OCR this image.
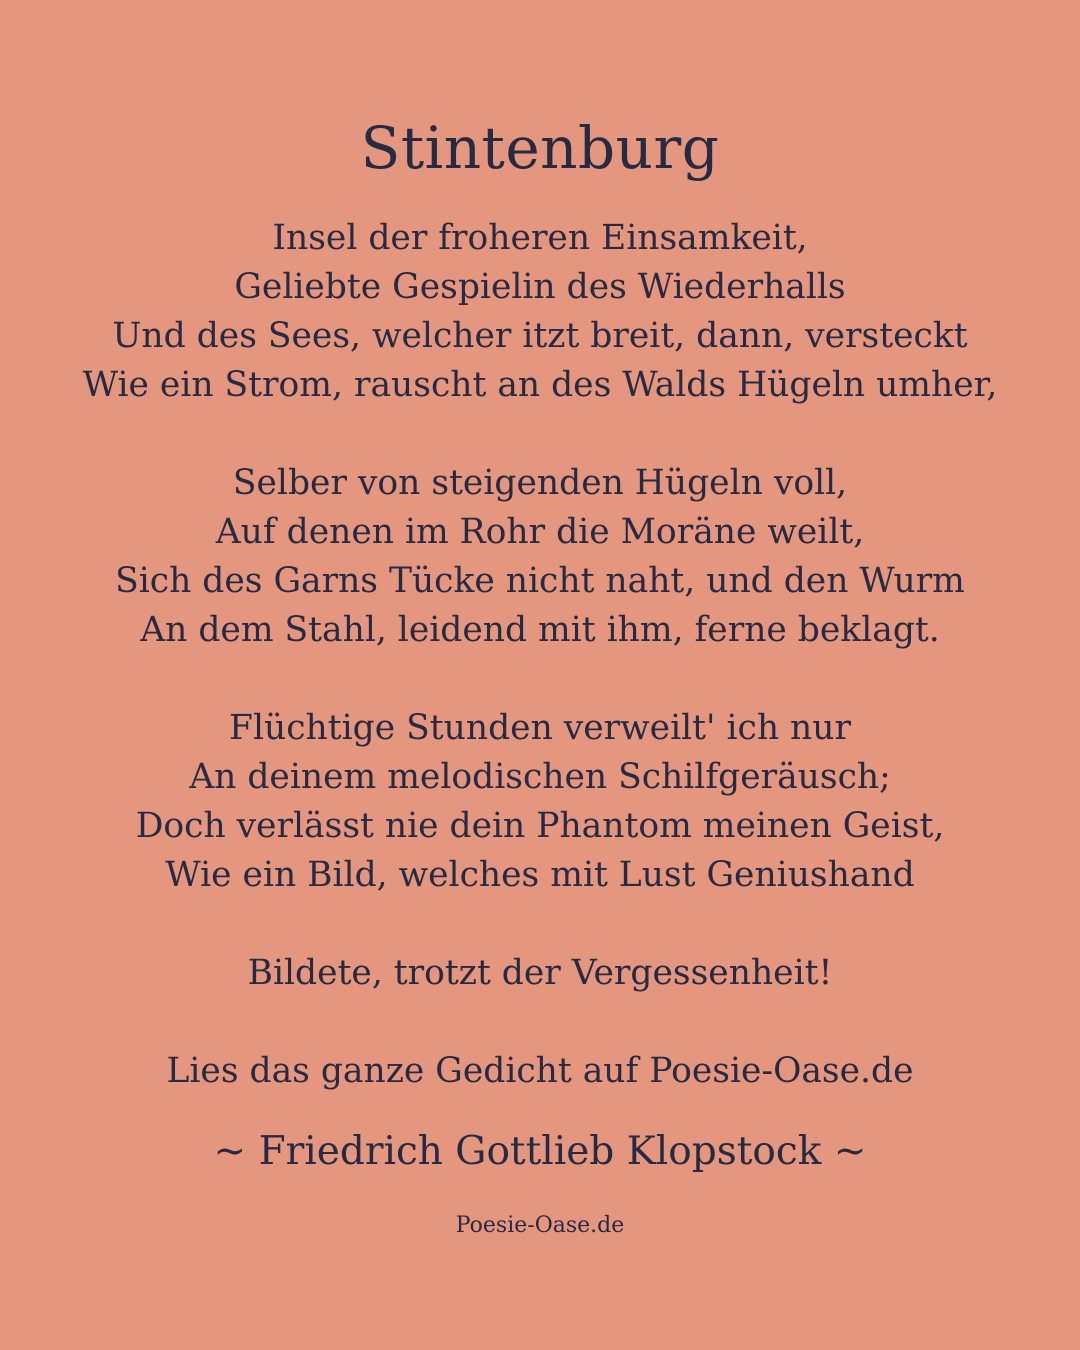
Stintenburg
Insel der froheren Einsamkeit,
Geliebte Gespielin des Wiederhalls
Und des Sees, welcher itzt breit, dann, versteckt
Wie ein Strom, rauscht an des Walds Hügeln umher,
Selber von steigenden Hügeln voll,
Auf denen im Rohr die Moräne weilt,
Sich des Garns Tücke nicht naht, und den Wurm
An dem Stahl, leidend mit ihm, ferne beklagt.
Flüchtige Stunden verweilt' ich nur
An deinem melodischen Schilfgeräusch;
Doch verlässt nie dein Phantom meinen Geist,
Wie ein Bild, welches mit Lust Geniushand
Bildete, trotzt der Vergessenheit!
Lies das ganze Gedicht auf Poesie-Oase.de
~ Friedrich Gottlieb Klopstock ~
Poesie-Oase.de
